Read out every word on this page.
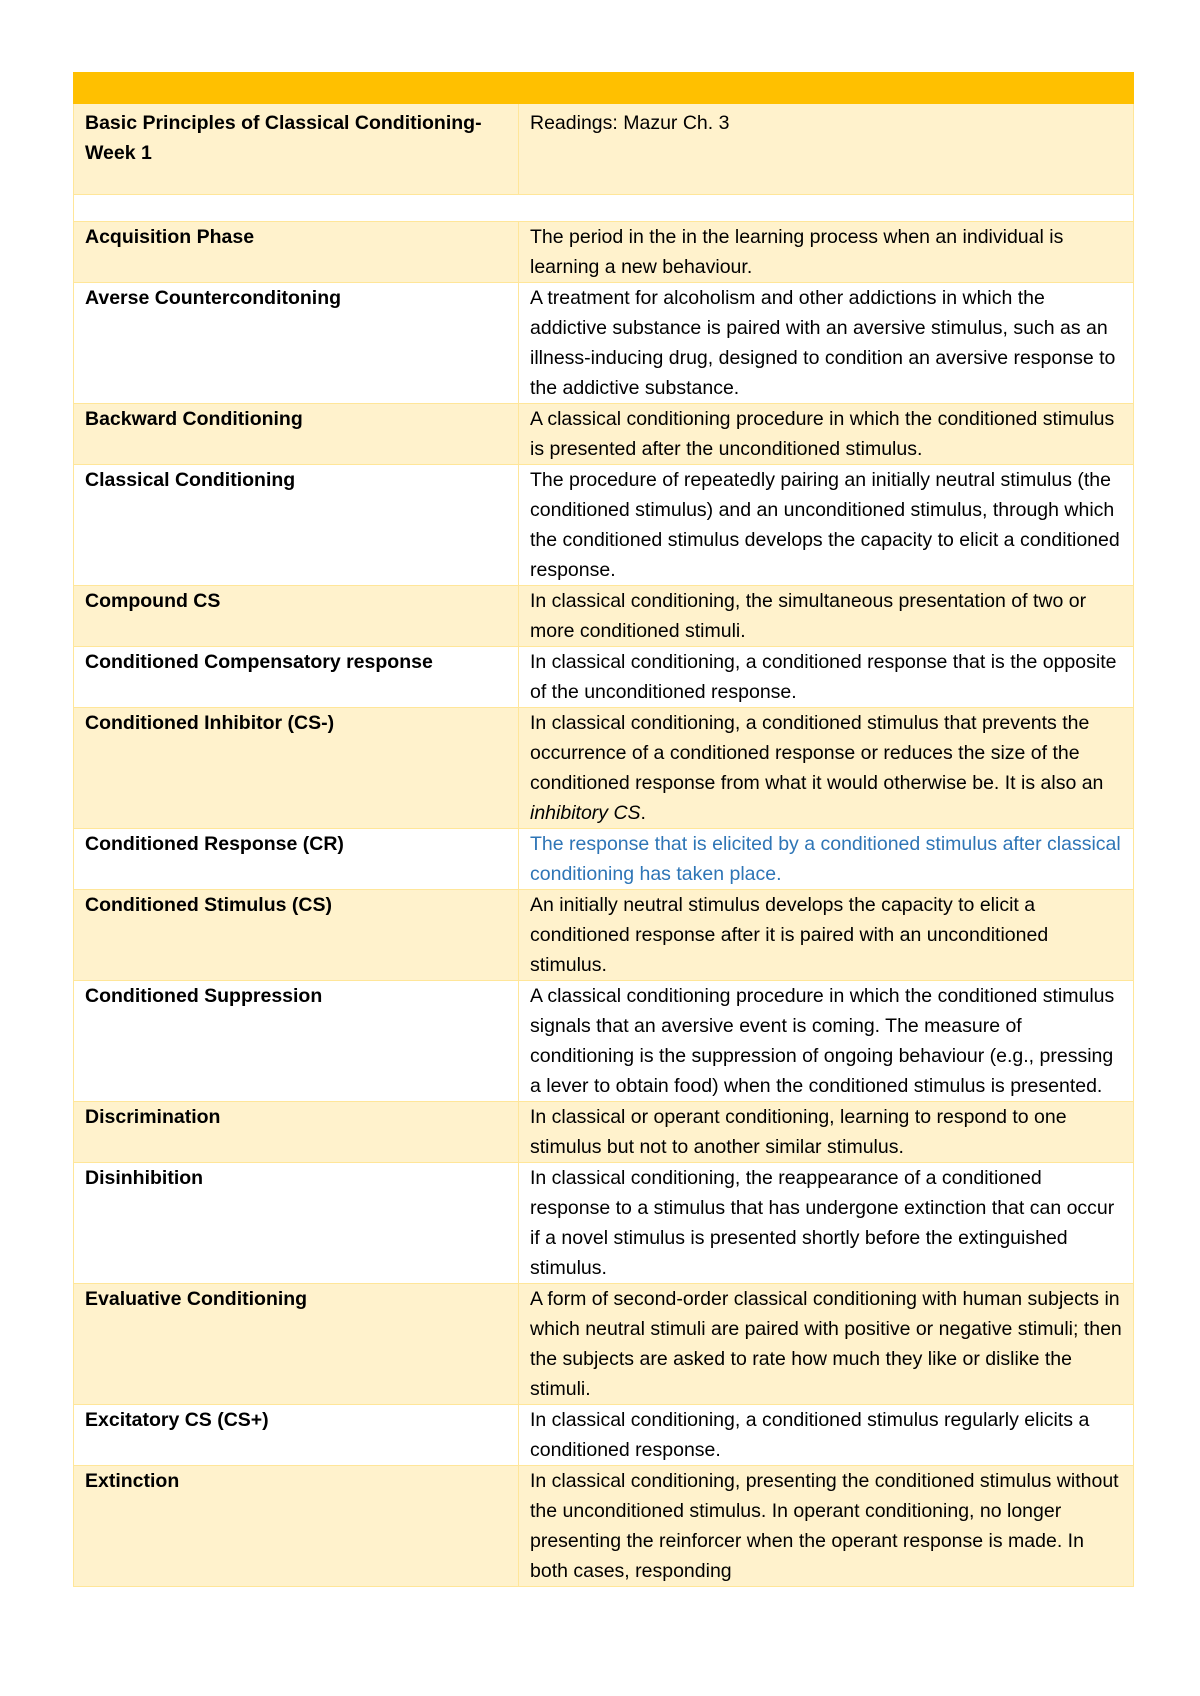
Basic Principles of Classical Conditioning-Week 1	Readings: Mazur Ch. 3

Acquisition Phase	The period in the in the learning process when an individual is learning a new behaviour.

Averse Counterconditoning	A treatment for alcoholism and other addictions in which the addictive substance is paired with an aversive stimulus, such as an illness-inducing drug, designed to condition an aversive response to the addictive substance.

Backward Conditioning	A classical conditioning procedure in which the conditioned stimulus is presented after the unconditioned stimulus.

Classical Conditioning	The procedure of repeatedly pairing an initially neutral stimulus (the conditioned stimulus) and an unconditioned stimulus, through which the conditioned stimulus develops the capacity to elicit a conditioned response.

Compound CS	In classical conditioning, the simultaneous presentation of two or more conditioned stimuli.

Conditioned Compensatory response	In classical conditioning, a conditioned response that is the opposite of the unconditioned response.

Conditioned Inhibitor (CS-)	In classical conditioning, a conditioned stimulus that prevents the occurrence of a conditioned response or reduces the size of the conditioned response from what it would otherwise be. It is also an inhibitory CS.

Conditioned Response (CR)	The response that is elicited by a conditioned stimulus after classical conditioning has taken place.

Conditioned Stimulus (CS)	An initially neutral stimulus develops the capacity to elicit a conditioned response after it is paired with an unconditioned stimulus.

Conditioned Suppression	A classical conditioning procedure in which the conditioned stimulus signals that an aversive event is coming. The measure of conditioning is the suppression of ongoing behaviour (e.g., pressing a lever to obtain food) when the conditioned stimulus is presented.

Discrimination	In classical or operant conditioning, learning to respond to one stimulus but not to another similar stimulus.

Disinhibition	In classical conditioning, the reappearance of a conditioned response to a stimulus that has undergone extinction that can occur if a novel stimulus is presented shortly before the extinguished stimulus.

Evaluative Conditioning	A form of second-order classical conditioning with human subjects in which neutral stimuli are paired with positive or negative stimuli; then the subjects are asked to rate how much they like or dislike the stimuli.

Excitatory CS (CS+)	In classical conditioning, a conditioned stimulus regularly elicits a conditioned response.

Extinction	In classical conditioning, presenting the conditioned stimulus without the unconditioned stimulus. In operant conditioning, no longer presenting the reinforcer when the operant response is made. In both cases, responding
